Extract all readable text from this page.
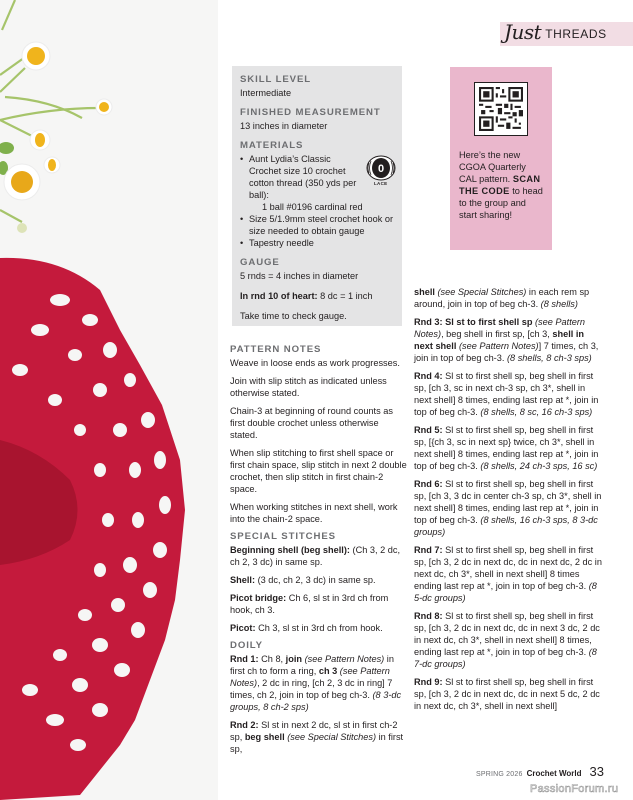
Just THREADS
SKILL LEVEL
Intermediate
FINISHED MEASUREMENT
13 inches in diameter
MATERIALS
• Aunt Lydia’s Classic Crochet size 10 crochet cotton thread (350 yds per ball):
1 ball #0196 cardinal red
• Size 5/1.9mm steel crochet hook or size needed to obtain gauge
• Tapestry needle
GAUGE
5 rnds = 4 inches in diameter
In rnd 10 of heart: 8 dc = 1 inch
Take time to check gauge.
0
LACE
Here’s the new CGOA Quarterly CAL pattern. SCAN THE CODE to head to the group and start sharing!
PATTERN NOTES

Weave in loose ends as work progresses.

Join with slip stitch as indicated unless otherwise stated.

Chain-3 at beginning of round counts as first double crochet unless otherwise stated.

When slip stitching to first shell space or first chain space, slip stitch in next 2 double crochet, then slip stitch in first chain-2 space.

When working stitches in next shell, work into the chain-2 space.

SPECIAL STITCHES

Beginning shell (beg shell): (Ch 3, 2 dc, ch 2, 3 dc) in same sp.

Shell: (3 dc, ch 2, 3 dc) in same sp.

Picot bridge: Ch 6, sl st in 3rd ch from hook, ch 3.

Picot: Ch 3, sl st in 3rd ch from hook.

DOILY

Rnd 1: Ch 8, join (see Pattern Notes) in first ch to form a ring, ch 3 (see Pattern Notes), 2 dc in ring, [ch 2, 3 dc in ring] 7 times, ch 2, join in top of beg ch-3. (8 3-dc groups, 8 ch-2 sps)

Rnd 2: Sl st in next 2 dc, sl st in first ch-2 sp, beg shell (see Special Stitches) in first sp,

shell (see Special Stitches) in each rem sp around, join in top of beg ch-3. (8 shells)

Rnd 3: Sl st to first shell sp (see Pattern Notes), beg shell in first sp, [ch 3, shell in next shell (see Pattern Notes)] 7 times, ch 3, join in top of beg ch-3. (8 shells, 8 ch-3 sps)

Rnd 4: Sl st to first shell sp, beg shell in first sp, [ch 3, sc in next ch-3 sp, ch 3*, shell in next shell] 8 times, ending last rep at *, join in top of beg ch-3. (8 shells, 8 sc, 16 ch-3 sps)

Rnd 5: Sl st to first shell sp, beg shell in first sp, [{ch 3, sc in next sp} twice, ch 3*, shell in next shell] 8 times, ending last rep at *, join in top of beg ch-3. (8 shells, 24 ch-3 sps, 16 sc)

Rnd 6: Sl st to first shell sp, beg shell in first sp, [ch 3, 3 dc in center ch-3 sp, ch 3*, shell in next shell] 8 times, ending last rep at *, join in top of beg ch-3. (8 shells, 16 ch-3 sps, 8 3-dc groups)

Rnd 7: Sl st to first shell sp, beg shell in first sp, [ch 3, 2 dc in next dc, dc in next dc, 2 dc in next dc, ch 3*, shell in next shell] 8 times ending last rep at *, join in top of beg ch-3. (8 5-dc groups)

Rnd 8: Sl st to first shell sp, beg shell in first sp, [ch 3, 2 dc in next dc, dc in next 3 dc, 2 dc in next dc, ch 3*, shell in next shell] 8 times, ending last rep at *, join in top of beg ch-3. (8 7-dc groups)

Rnd 9: Sl st to first shell sp, beg shell in first sp, [ch 3, 2 dc in next dc, dc in next 5 dc, 2 dc in next dc, ch 3*, shell in next shell]

SPRING 2026 Crochet World 33
PassionForum.ru
